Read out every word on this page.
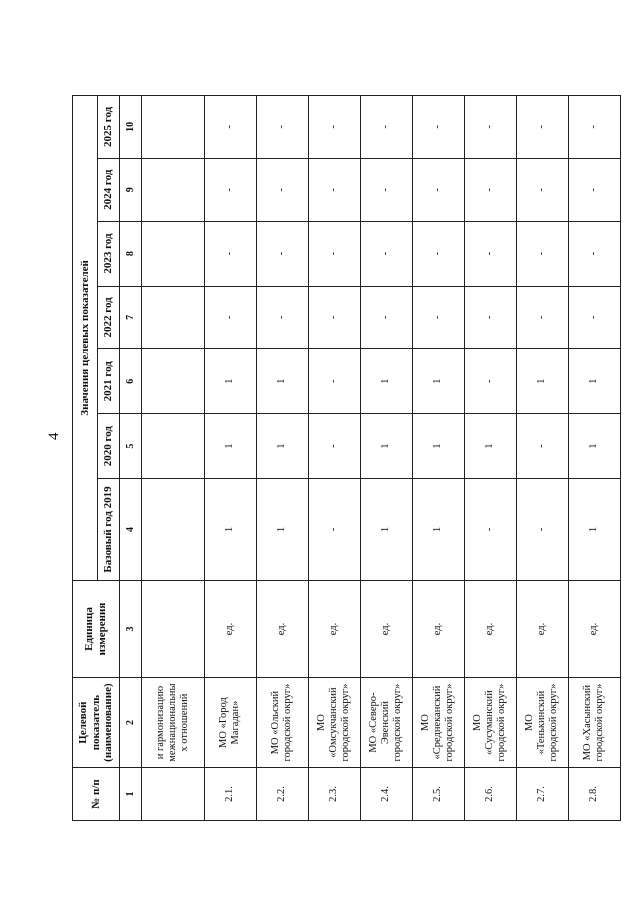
4
№ п/п	Целевой показатель (наименование)	Единица измерения	Значения целевых показателей						
			Базовый год 2019	2020 год	2021 год	2022 год	2023 год	2024 год	2025 год
1	2	3	4	5	6	7	8	9	10
	и гармонизацию межнациональны х отношений								
2.1.	МО «Город Магадан»	ед.	1	1	1	-	-	-	-
2.2.	МО «Ольский городской округ»	ед.	1	1	1	-	-	-	-
2.3.	МО «Омсукчанский городской округ»	ед.	-	-	-	-	-	-	-
2.4.	МО «Северо-Эвенский городской округ»	ед.	1	1	1	-	-	-	-
2.5.	МО «Среднеканский городской округ»	ед.	1	1	1	-	-	-	-
2.6.	МО «Сусуманский городской округ»	ед.	-	1	-	-	-	-	-
2.7.	МО «Тенькинский городской округ»	ед.	-	-	1	-	-	-	-
2.8.	МО «Хасынский городской округ»	ед.	1	1	1	-	-	-	-
